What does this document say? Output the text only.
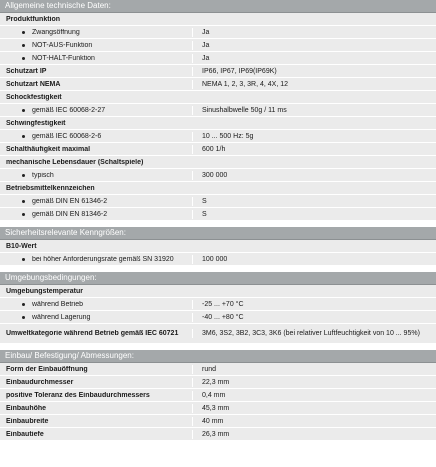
Allgemeine technische Daten:
Produktfunktion
Zwangsöffnung	Ja
NOT-AUS-Funktion	Ja
NOT-HALT-Funktion	Ja
Schutzart IP	IP66, IP67, IP69(IP69K)
Schutzart NEMA	NEMA 1, 2, 3, 3R, 4, 4X, 12
Schockfestigkeit
gemäß IEC 60068-2-27	Sinushalbwelle 50g / 11 ms
Schwingfestigkeit
gemäß IEC 60068-2-6	10 ... 500 Hz: 5g
Schalthäufigkeit maximal	600 1/h
mechanische Lebensdauer (Schaltspiele)
typisch	300 000
Betriebsmittelkennzeichen
gemäß DIN EN 61346-2	S
gemäß DIN EN 81346-2	S
Sicherheitsrelevante Kenngrößen:
B10-Wert
bei höher Anforderungsrate gemäß SN 31920	100 000
Umgebungsbedingungen:
Umgebungstemperatur
während Betrieb	-25 ... +70 °C
während Lagerung	-40 ... +80 °C
Umweltkategorie während Betrieb gemäß IEC 60721	3M6, 3S2, 3B2, 3C3, 3K6 (bei relativer Luftfeuchtigkeit von 10 ... 95%)
Einbau/ Befestigung/ Abmessungen:
Form der Einbauöffnung	rund
Einbaudurchmesser	22,3 mm
positive Toleranz des Einbaudurchmessers	0,4 mm
Einbauhöhe	45,3 mm
Einbaubreite	40 mm
Einbautiefe	26,3 mm
